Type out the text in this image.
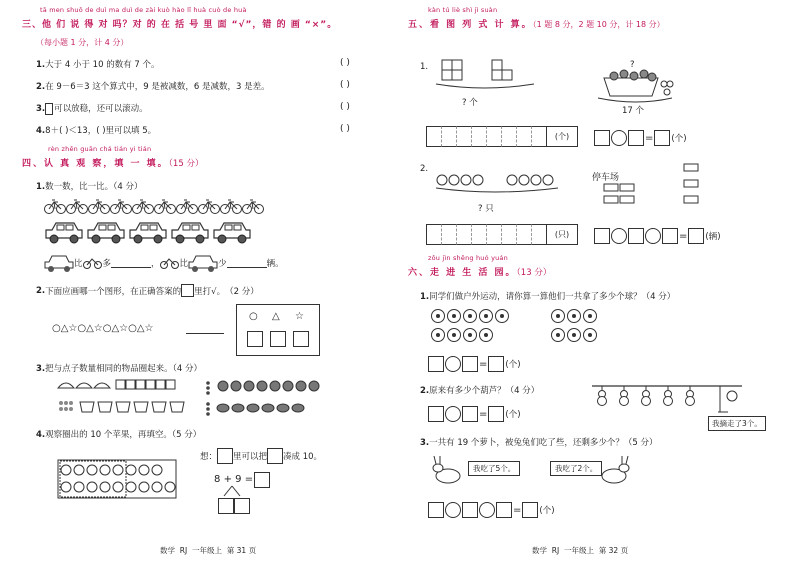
tā men shuō de duì ma duì de zài kuò hào lǐ huà cuò de huà
三、他 们 说 得 对 吗？对 的 在 括 号 里 面 “√”，错 的 画 “×”。
（每小题 1 分，计 4 分）
1.大于 4 小于 10 的数有 7 个。	( )
2.在 9－6＝3 这个算式中，9 是被减数，6 是减数，3 是差。	( )
3. 可以放稳，还可以滚动。	( )
4.8＋( )＜13，( )里可以填 5。	( )
rèn zhēn guān chá tián yi tián
四、认 真 观 察，填 一 填。（15 分）
1.数一数，比一比。（4 分）
比 多	， 比	少	辆。
2. 下面应画哪一个图形，在正确答案的 里打√。 （2 分）
○△☆○△☆○△☆○△☆
○ △ ☆
3.把与点子数量相同的物品圈起来。（4 分）
4.观察圈出的 10 个苹果，再填空。（5 分）
想： 里可以把 凑成 10。
8 + 9 =
数学 RJ 一年级上 第 31 页
kàn tú liè shì jì suàn
五、看 图 列 式 计 算。（1 题 8 分，2 题 10 分，计 18 分）
1.
? 个
?
17 个
(个)	= (个)
2.
? 只
停车场
(只)	= (辆)
zǒu jìn shēng huó yuán
六、走 进 生 活 园。（13 分）
1.同学们做户外运动，请你算一算他们一共拿了多少个球？（4 分）
= (个)
2.原来有多少个葫芦？（4 分）
我摘走了3个。
= (个)
3.一共有 19 个萝卜，被兔兔们吃了些，还剩多少个？（5 分）
我吃了5个。	我吃了2个。
= (个)
数学 RJ 一年级上 第 32 页
